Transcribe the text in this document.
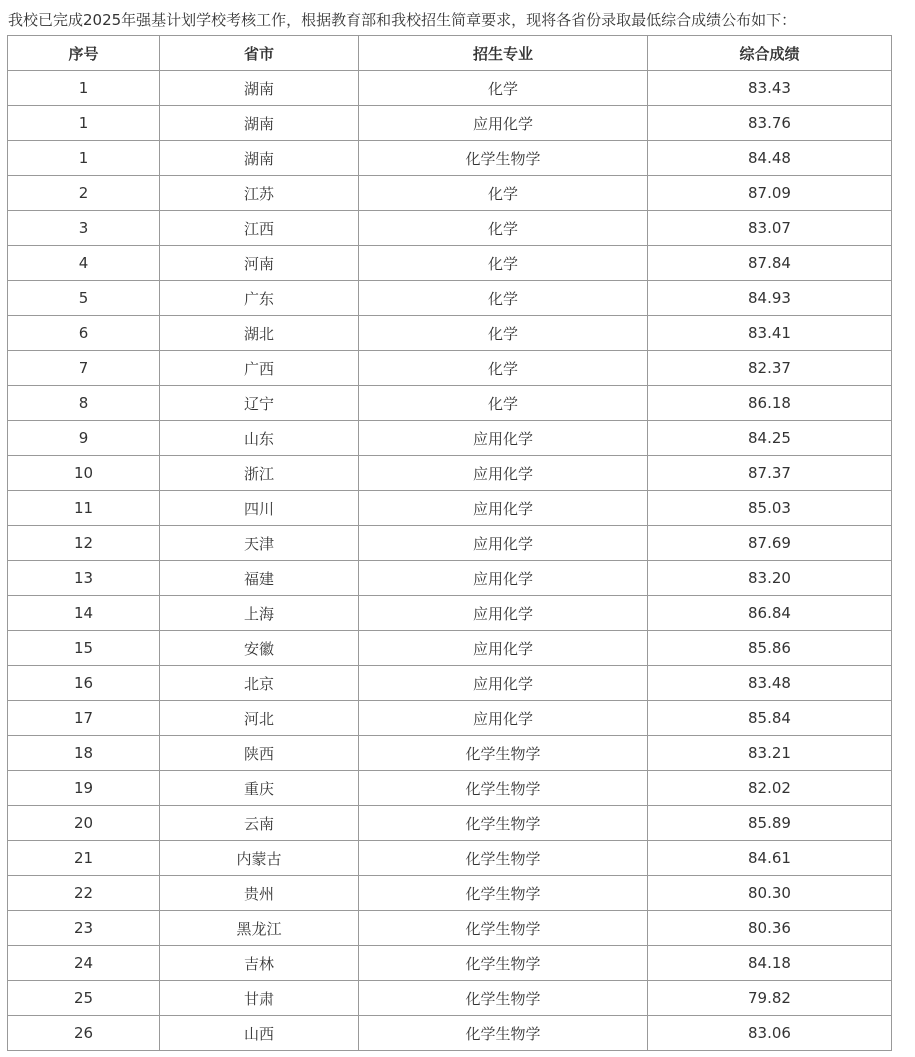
我校已完成2025年强基计划学校考核工作，根据教育部和我校招生简章要求，现将各省份录取最低综合成绩公布如下：
序号	省市	招生专业	综合成绩
1	湖南	化学	83.43
1	湖南	应用化学	83.76
1	湖南	化学生物学	84.48
2	江苏	化学	87.09
3	江西	化学	83.07
4	河南	化学	87.84
5	广东	化学	84.93
6	湖北	化学	83.41
7	广西	化学	82.37
8	辽宁	化学	86.18
9	山东	应用化学	84.25
10	浙江	应用化学	87.37
11	四川	应用化学	85.03
12	天津	应用化学	87.69
13	福建	应用化学	83.20
14	上海	应用化学	86.84
15	安徽	应用化学	85.86
16	北京	应用化学	83.48
17	河北	应用化学	85.84
18	陕西	化学生物学	83.21
19	重庆	化学生物学	82.02
20	云南	化学生物学	85.89
21	内蒙古	化学生物学	84.61
22	贵州	化学生物学	80.30
23	黑龙江	化学生物学	80.36
24	吉林	化学生物学	84.18
25	甘肃	化学生物学	79.82
26	山西	化学生物学	83.06
